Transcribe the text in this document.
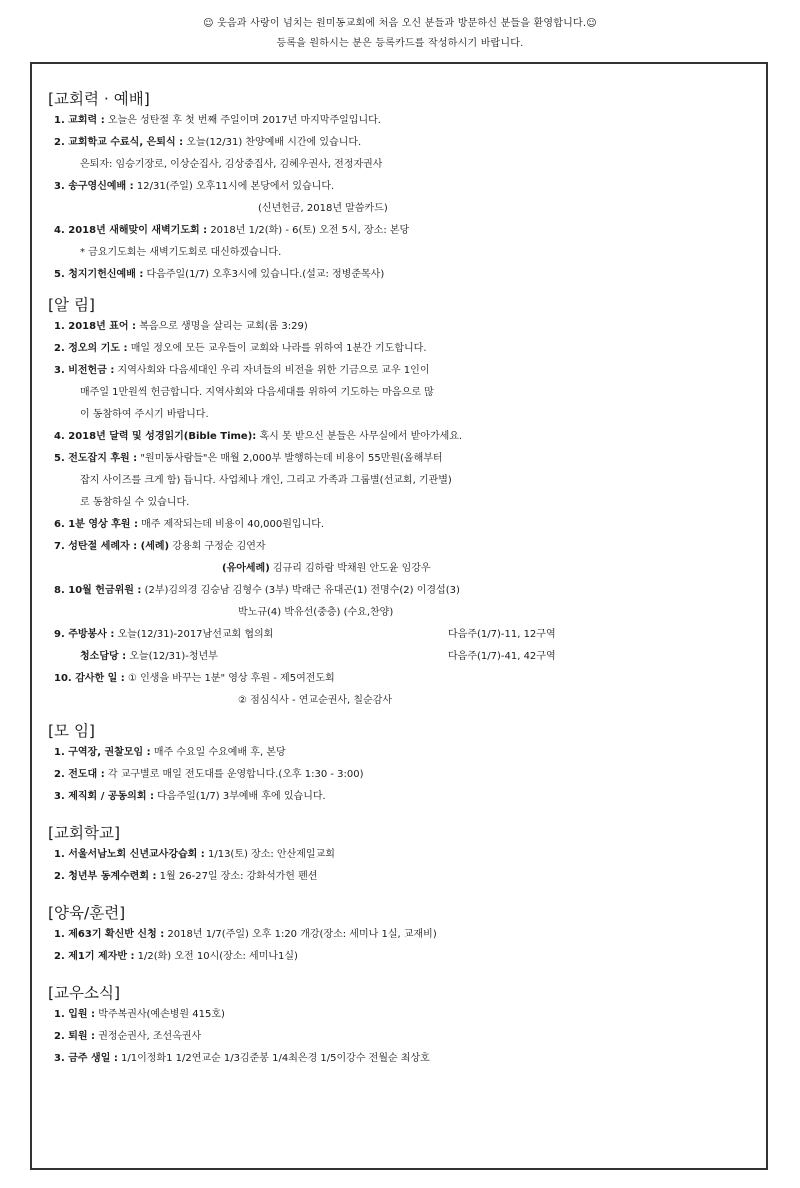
☺ 웃음과 사랑이 넘치는 원미동교회에 처음 오신 분들과 방문하신 분들을 환영합니다.☺
등록을 원하시는 분은 등록카드를 작성하시기 바랍니다.
[교회력 · 예배]
1. 교회력 : 오늘은 성탄절 후 첫 번째 주일이며 2017년 마지막주일입니다.
2. 교회학교 수료식, 은퇴식 : 오늘(12/31) 찬양예배 시간에 있습니다.
은퇴자: 임승기장로, 이상순집사, 김상중집사, 김혜우권사, 전정자권사
3. 송구영신예배 : 12/31(주일) 오후11시에 본당에서 있습니다.
(신년헌금, 2018년 말씀카드)
4. 2018년 새해맞이 새벽기도회 : 2018년 1/2(화) - 6(토) 오전 5시, 장소: 본당
* 금요기도회는 새벽기도회로 대신하겠습니다.
5. 청지기헌신예배 : 다음주일(1/7) 오후3시에 있습니다.(설교: 정병준목사)
[알 림]
1. 2018년 표어 : 복음으로 생명을 살리는 교회(롬 3:29)
2. 정오의 기도 : 매일 정오에 모든 교우들이 교회와 나라를 위하여 1분간 기도합니다.
3. 비전헌금 : 지역사회와 다음세대인 우리 자녀들의 비전을 위한 기금으로 교우 1인이
매주일 1만원씩 헌금합니다. 지역사회와 다음세대를 위하여 기도하는 마음으로 많
이 동참하여 주시기 바랍니다.
4. 2018년 달력 및 성경읽기(Bible Time): 혹시 못 받으신 분들은 사무실에서 받아가세요.
5. 전도잡지 후원 : "원미동사람들"은 매월 2,000부 발행하는데 비용이 55만원(올해부터
잡지 사이즈를 크게 함) 듭니다. 사업체나 개인, 그리고 가족과 그룹별(선교회, 기관별)
로 동참하실 수 있습니다.
6. 1분 영상 후원 : 매주 제작되는데 비용이 40,000원입니다.
7. 성탄절 세례자 : (세례) 강용회 구정순 김연자
(유아세례) 김규리 김하람 박채원 안도윤 임강우
8. 10월 헌금위원 : (2부)김의경 김승남 김형수 (3부) 박래근 유대곤(1) 전명수(2) 이경섭(3)
박노규(4) 박유선(중층) (수요,찬양)
9. 주방봉사 : 오늘(12/31)-2017남선교회 협의회	다음주(1/7)-11, 12구역
청소담당 : 오늘(12/31)-청년부	다음주(1/7)-41, 42구역
10. 감사한 일 : ① 인생을 바꾸는 1분" 영상 후원 - 제5여전도회
② 점심식사 - 연교순권사, 칠순감사
[모 임]
1. 구역장, 권찰모임 : 매주 수요일 수요예배 후, 본당
2. 전도대 : 각 교구별로 매일 전도대를 운영합니다.(오후 1:30 - 3:00)
3. 제직회 / 공동의회 : 다음주일(1/7) 3부예배 후에 있습니다.
[교회학교]
1. 서울서남노회 신년교사강습회 : 1/13(토) 장소: 안산제일교회
2. 청년부 동계수련회 : 1월 26-27일 장소: 강화석가헌 펜션
[양육/훈련]
1. 제63기 확신반 신청 : 2018년 1/7(주일) 오후 1:20 개강(장소: 세미나 1실, 교재비)
2. 제1기 제자반 : 1/2(화) 오전 10시(장소: 세미나1실)
[교우소식]
1. 입원 : 박주복권사(예손병원 415호)
2. 퇴원 : 권정순권사, 조선옥권사
3. 금주 생일 : 1/1이정화1 1/2연교순 1/3김준봉 1/4최은경 1/5이강수 전월순 최상호
